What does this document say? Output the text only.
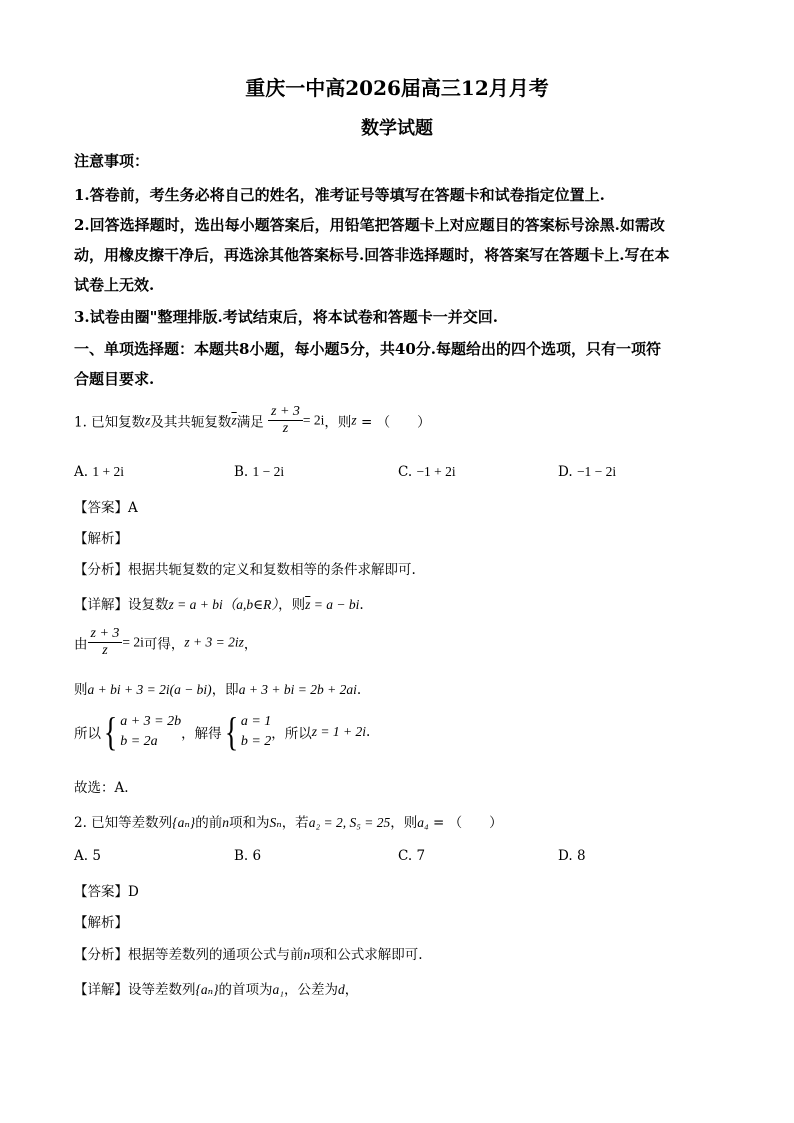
重庆一中高2026届高三12月月考
数学试题
注意事项：
1.答卷前，考生务必将自己的姓名，准考证号等填写在答题卡和试卷指定位置上.
2.回答选择题时，选出每小题答案后，用铅笔把答题卡上对应题目的答案标号涂黑.如需改
动，用橡皮擦干净后，再选涂其他答案标号.回答非选择题时，将答案写在答题卡上.写在本
试卷上无效.
3.试卷由圈"整理排版.考试结束后，将本试卷和答题卡一并交回.
一、单项选择题：本题共8小题，每小题5分，共40分.每题给出的四个选项，只有一项符
合题目要求.
1. 已知复数z及其共轭复数$\overline{z}$满足 $\frac{z + 3}{z} = 2i$，则z = （　　）
A. 1 + 2i	B. 1 − 2i	C. −1 + 2i	D. −1 − 2i
【答案】A
【解析】
【分析】根据共轭复数的定义和复数相等的条件求解即可.
【详解】设复数z = a + bi（a,b∈R），则$\overline{z} = a$ − bi.
由 $\frac{z + 3}{z} = 2i$可得，z + 3 = 2iz，
则a + bi + 3 = 2i(a − bi)，即a + 3 + bi = 2b + 2ai.
所以{ a + 3 = 2b
b = 2a	，解得{ a = 1
b = 2 ，所以z = 1 + 2i.
故选：A.
2. 已知等差数列{aₙ}的前n项和为Sₙ，若a₂ = 2, S₅ = 25，则a₄ = （　　）
A. 5	B. 6	C. 7	D. 8
【答案】D
【解析】
【分析】根据等差数列的通项公式与前n项和公式求解即可.
【详解】设等差数列{aₙ}的首项为a₁，公差为d，
